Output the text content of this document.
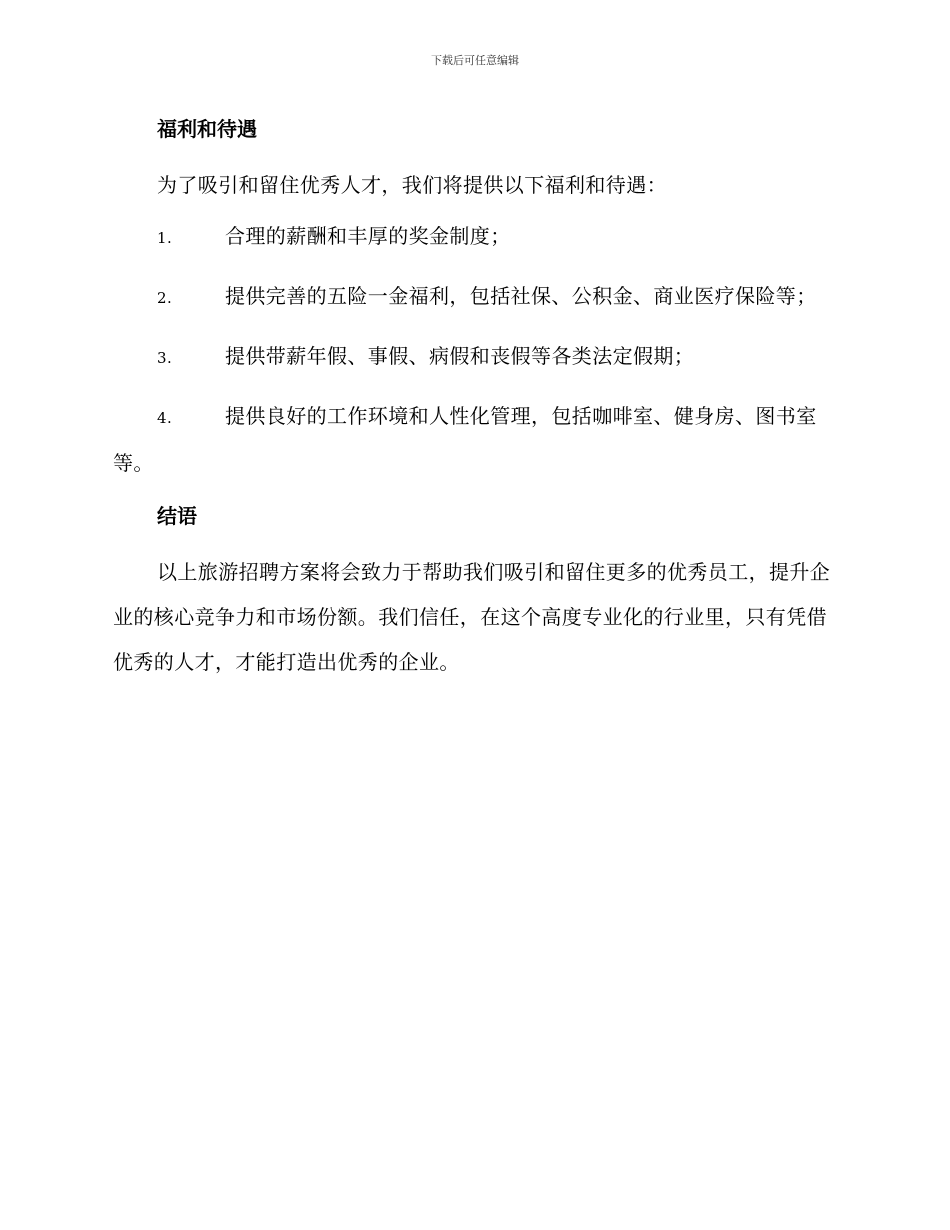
下载后可任意编辑
福利和待遇
为了吸引和留住优秀人才，我们将提供以下福利和待遇：
1.	合理的薪酬和丰厚的奖金制度；
2.	提供完善的五险一金福利，包括社保、公积金、商业医疗保险等；
3.	提供带薪年假、事假、病假和丧假等各类法定假期；
4.	提供良好的工作环境和人性化管理，包括咖啡室、健身房、图书室等。
结语
以上旅游招聘方案将会致力于帮助我们吸引和留住更多的优秀员工，提升企业的核心竞争力和市场份额。我们信任，在这个高度专业化的行业里，只有凭借优秀的人才，才能打造出优秀的企业。
